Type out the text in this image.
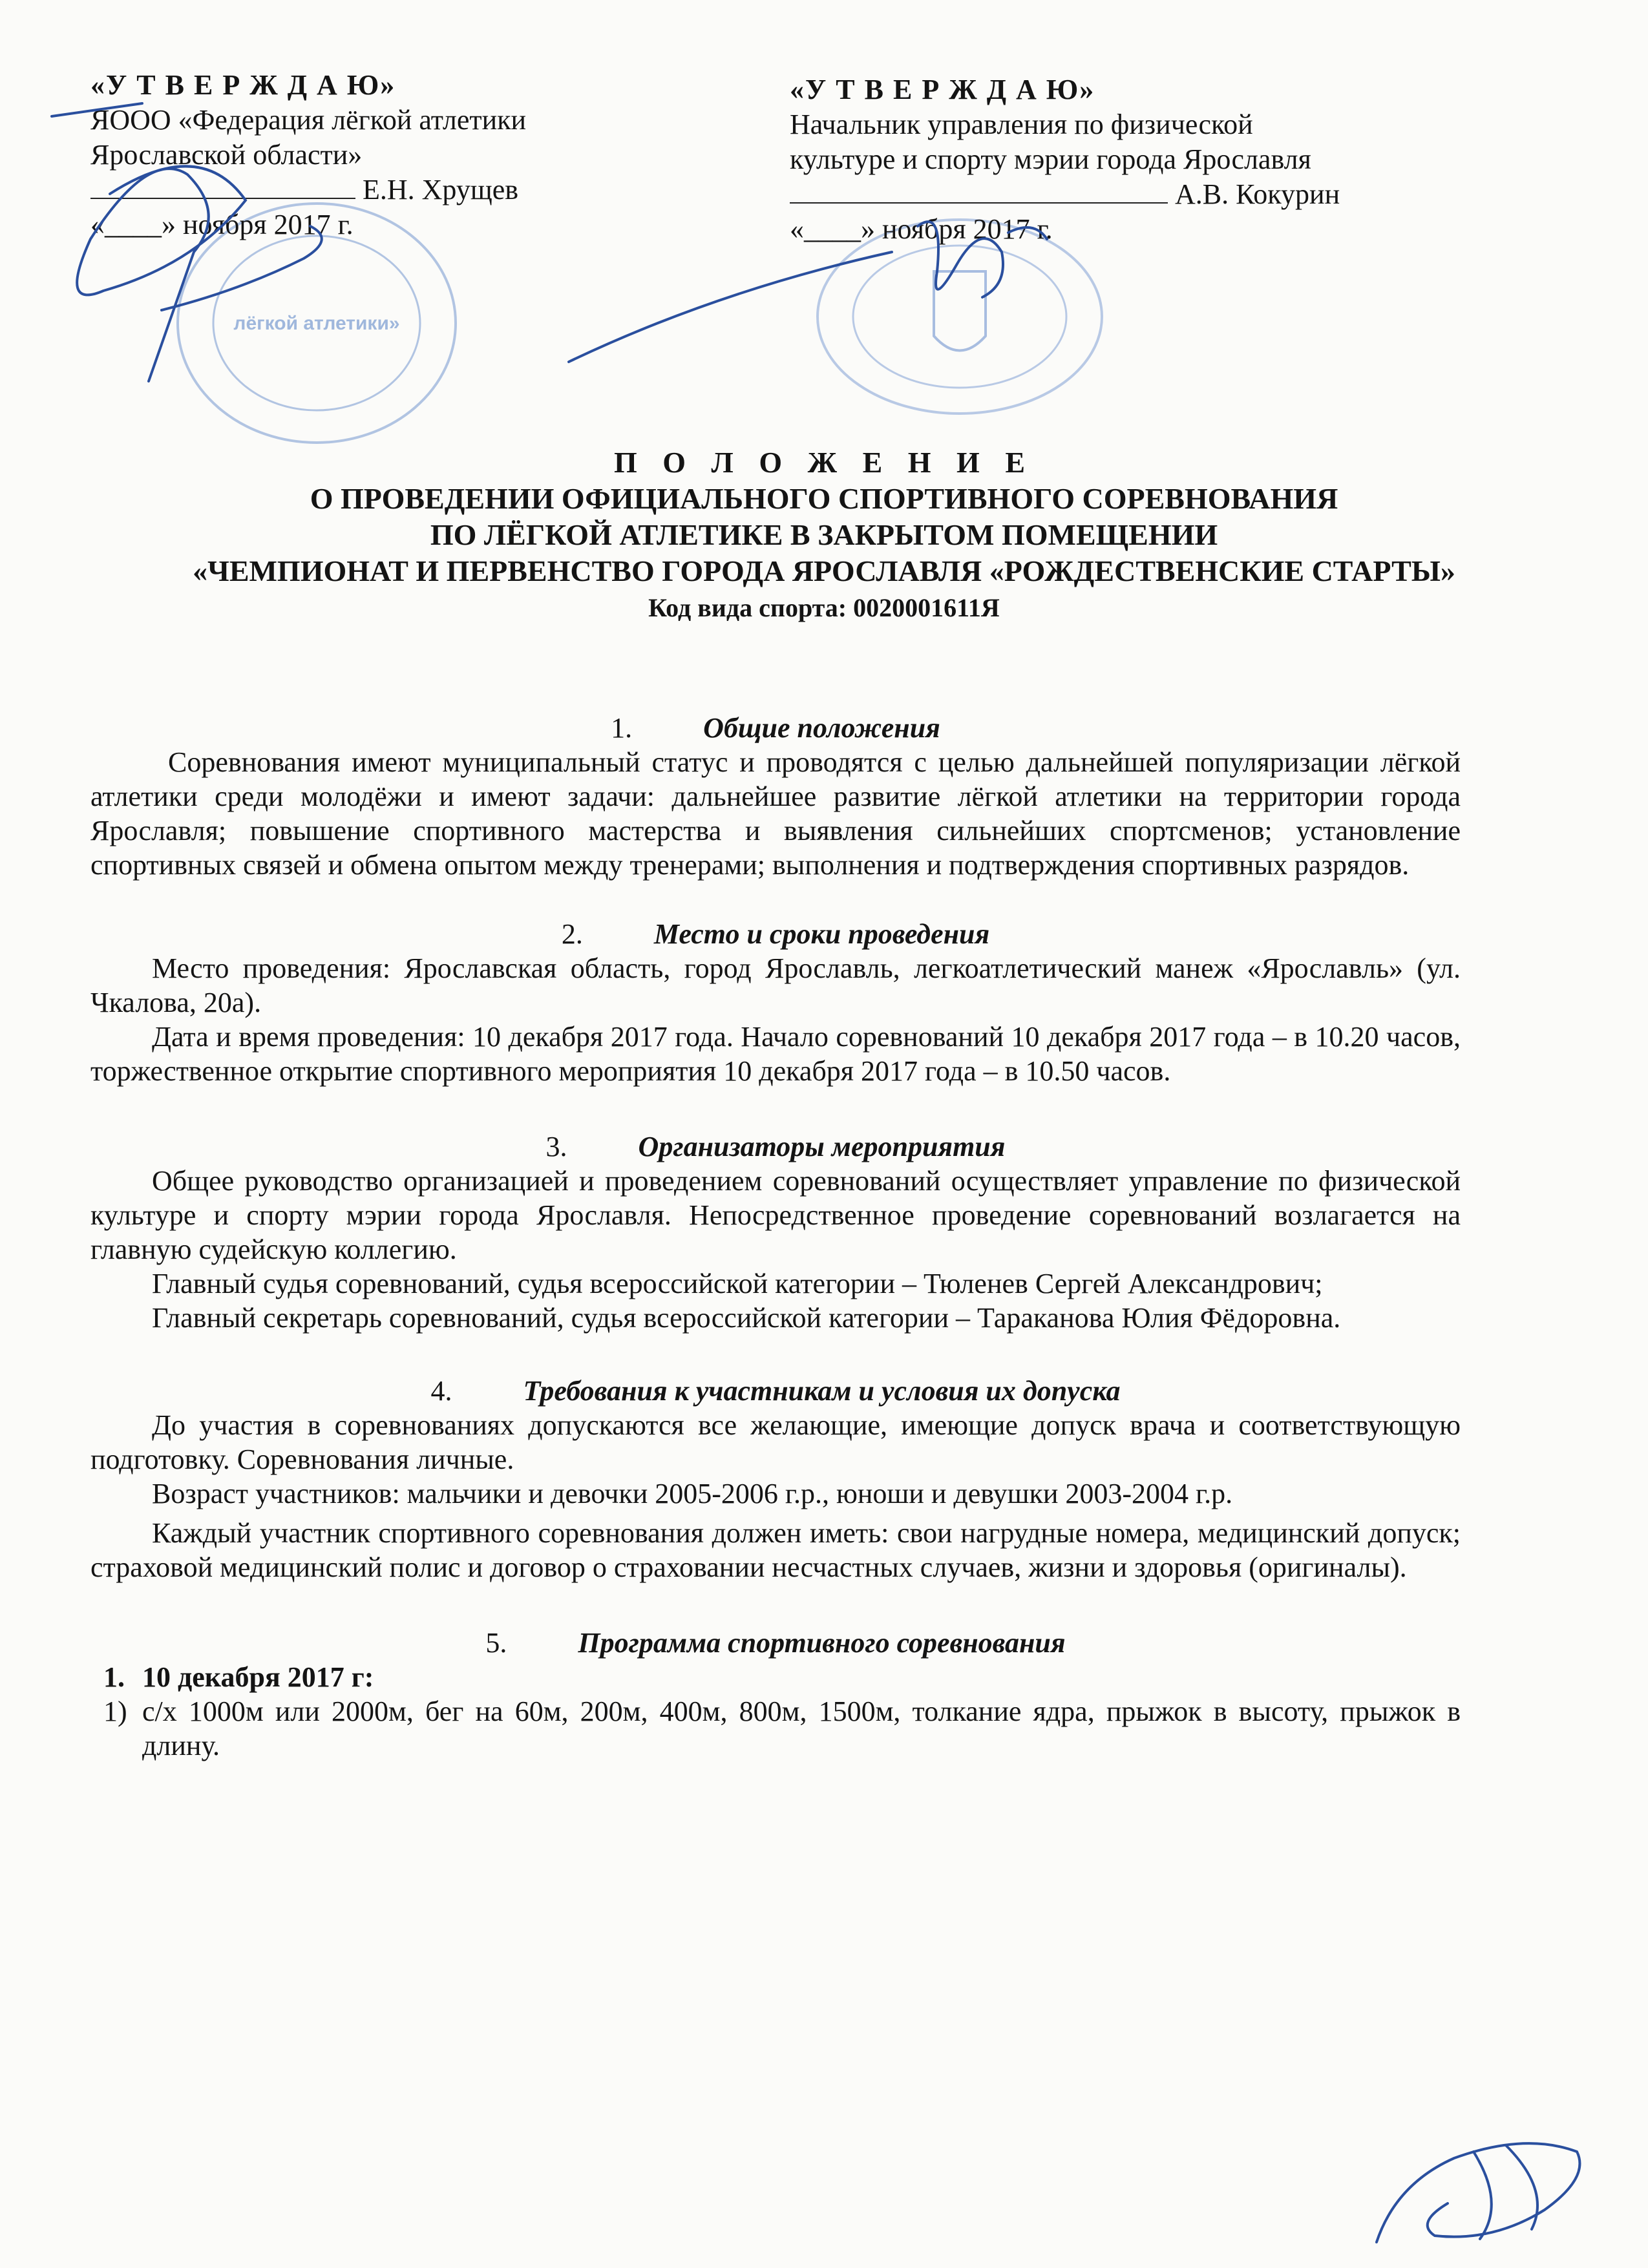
лёгкой атлетики»
«У Т В Е Р Ж Д А Ю»
ЯООО «Федерация лёгкой атлетики
Ярославской области»
Е.Н. Хрущев
«____» ноября 2017 г.
«У Т В Е Р Ж Д А Ю»
Начальник управления по физической
культуре и спорту мэрии города Ярославля
А.В. Кокурин
«____» ноября 2017 г.
П О Л О Ж Е Н И Е
О ПРОВЕДЕНИИ ОФИЦИАЛЬНОГО СПОРТИВНОГО СОРЕВНОВАНИЯ
ПО ЛЁГКОЙ АТЛЕТИКЕ В ЗАКРЫТОМ ПОМЕЩЕНИИ
«ЧЕМПИОНАТ И ПЕРВЕНСТВО ГОРОДА ЯРОСЛАВЛЯ «РОЖДЕСТВЕНСКИЕ СТАРТЫ»
Код вида спорта: 0020001611Я
1.	Общие положения

Соревнования имеют муниципальный статус и проводятся с целью дальнейшей популяризации лёгкой атлетики среди молодёжи и имеют задачи: дальнейшее развитие лёгкой атлетики на территории города Ярославля; повышение спортивного мастерства и выявления сильнейших спортсменов; установление спортивных связей и обмена опытом между тренерами; выполнения и подтверждения спортивных разрядов.

2.	Место и сроки проведения

Место проведения: Ярославская область, город Ярославль, легкоатлетический манеж «Ярославль» (ул. Чкалова, 20а).

Дата и время проведения: 10 декабря 2017 года. Начало соревнований 10 декабря 2017 года – в 10.20 часов, торжественное открытие спортивного мероприятия 10 декабря 2017 года – в 10.50 часов.

3.	Организаторы мероприятия

Общее руководство организацией и проведением соревнований осуществляет управление по физической культуре и спорту мэрии города Ярославля. Непосредственное проведение соревнований возлагается на главную судейскую коллегию.

Главный судья соревнований, судья всероссийской категории – Тюленев Сергей Александрович;

Главный секретарь соревнований, судья всероссийской категории – Тараканова Юлия Фёдоровна.

4.	Требования к участникам и условия их допуска

До участия в соревнованиях допускаются все желающие, имеющие допуск врача и соответствующую подготовку. Соревнования личные.

Возраст участников: мальчики и девочки 2005-2006 г.р., юноши и девушки 2003-2004 г.р.

Каждый участник спортивного соревнования должен иметь: свои нагрудные номера, медицинский допуск; страховой медицинский полис и договор о страховании несчастных случаев, жизни и здоровья (оригиналы).

5.	Программа спортивного соревнования
1. 10 декабря 2017 г:
1) с/х 1000м или 2000м, бег на 60м, 200м, 400м, 800м, 1500м, толкание ядра, прыжок в высоту, прыжок в длину.
